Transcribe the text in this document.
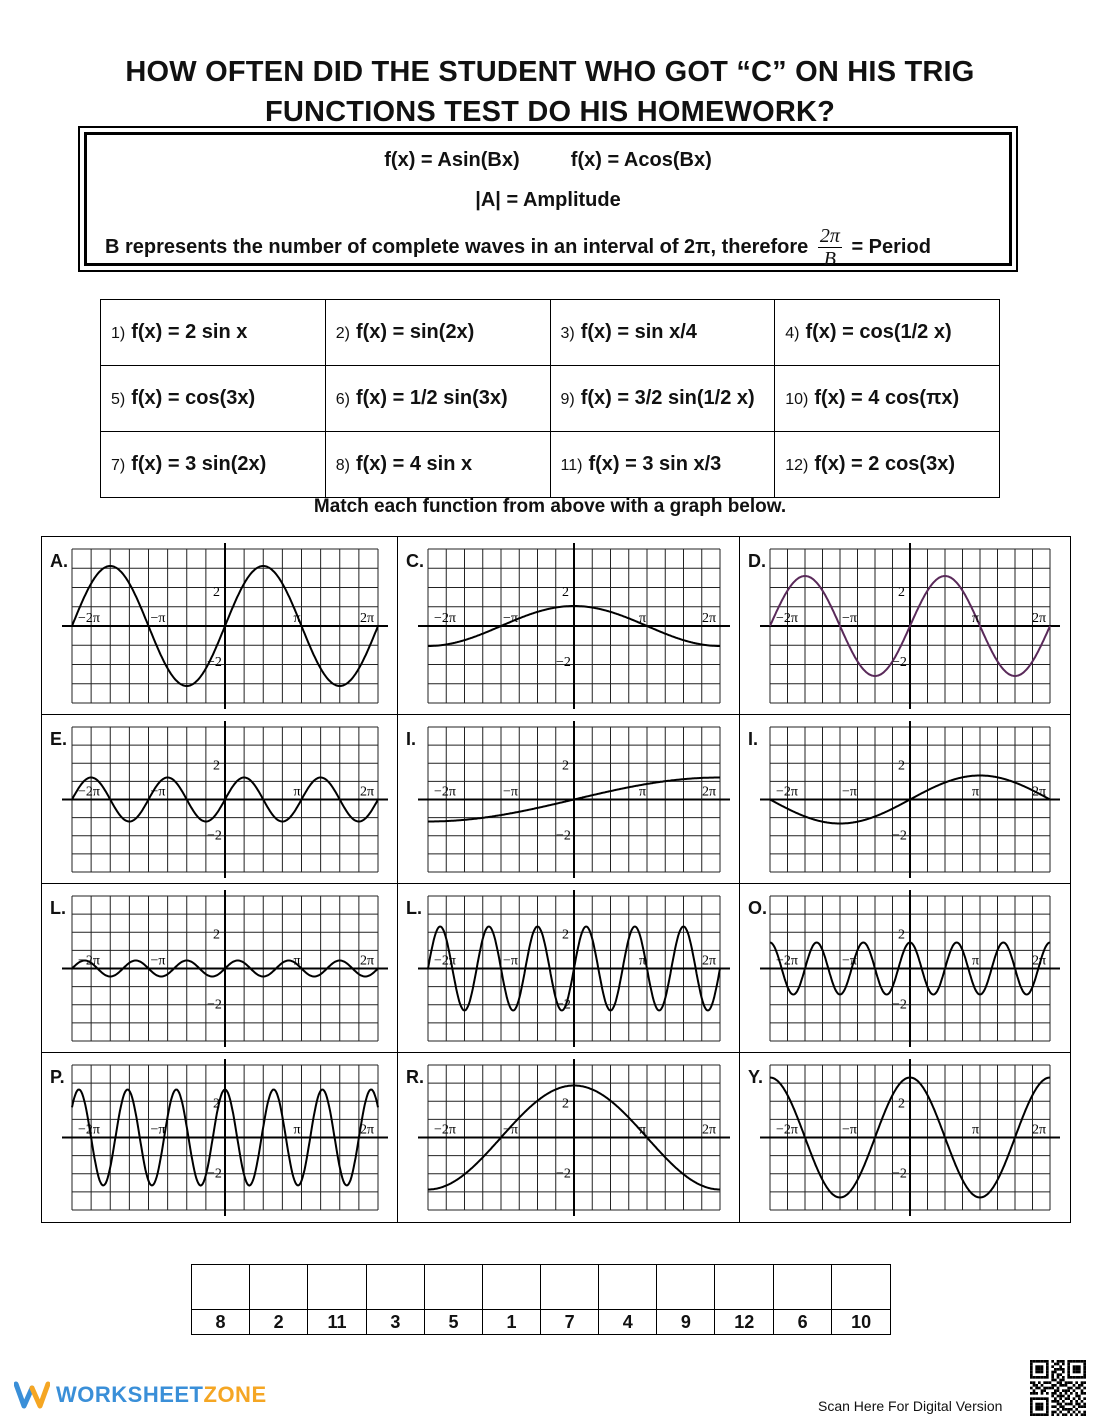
HOW OFTEN DID THE STUDENT WHO GOT “C” ON HIS TRIG
FUNCTIONS TEST DO HIS HOMEWORK?
f(x) = Asin(Bx)	f(x) = Acos(Bx)
|A| = Amplitude
B represents the number of complete waves in an interval of 2π, therefore $\frac{2\pi}{B}$ = Period
1) f(x) = 2 sin x	2) f(x) = sin(2x)	3) f(x) = sin x/4	4) f(x) = cos(1/2 x)
5) f(x) = cos(3x)	6) f(x) = 1/2 sin(3x)	9) f(x) = 3/2 sin(1/2 x)	10) f(x) = 4 cos(πx)
7) f(x) = 3 sin(2x)	8) f(x) = 4 sin x	11) f(x) = 3 sin x/3	12) f(x) = 2 cos(3x)
Match each function from above with a graph below.
−2π	−π	π	2π
2
−2
A.
−2π	−π	π	2π
2
−2
C.
−2π	−π	π	2π
2
−2
D.
−2π	−π	π	2π
2
−2
E.
−2π	−π	π	2π
2
−2
I.
−2π	−π	π	2π
2
−2
I.
−2π	−π	π	2π
2
−2
L.
−2π	−π	π	2π
2
−2
L.
−2π	−π	π	2π
2
−2
O.
−2π	−π	π	2π
2
−2
P.
−2π	−π	π	2π
2
−2
R.
−2π	−π	π	2π
2
−2
Y.

8	2	11	3	5	1	7	4	9	12	6	10
WORKSHEETZONE	Scan Here For Digital Version
